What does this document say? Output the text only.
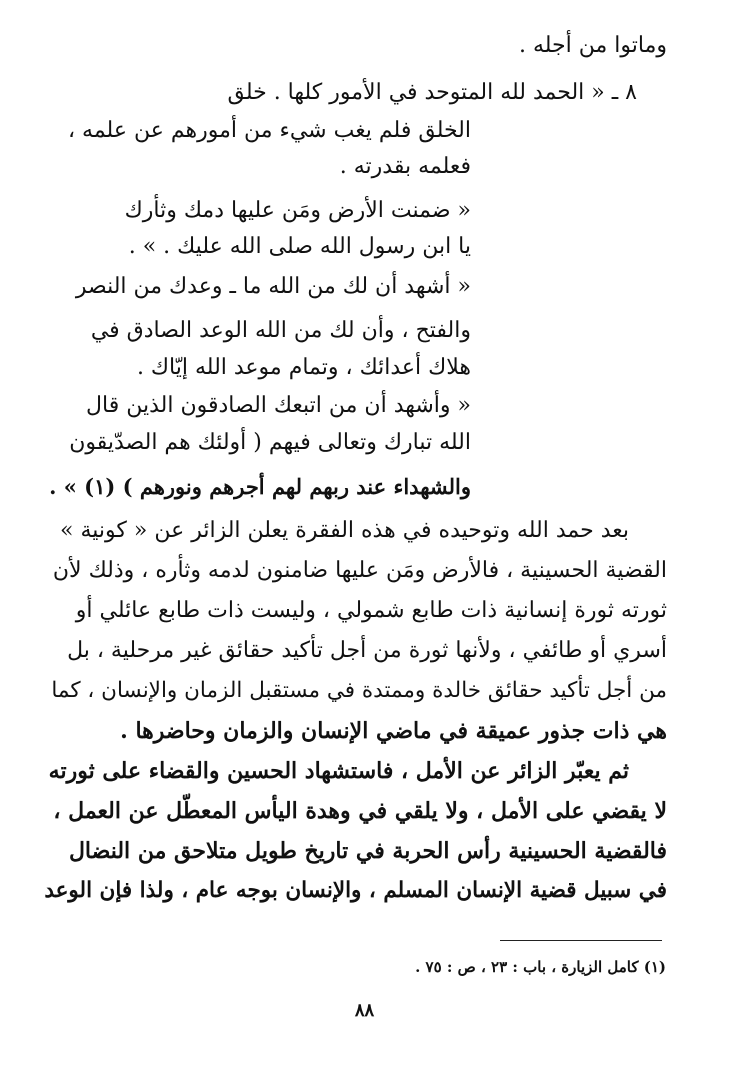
وماتوا من أجله .
٨ ـ « الحمد لله المتوحد في الأمور كلها . خلق
الخلق فلم يغب شيء من أمورهم عن علمه ،
فعلمه بقدرته .
« ضمنت الأرض ومَن عليها دمك وثأرك
يا ابن رسول الله صلى الله عليك . » .
« أشهد أن لك من الله ما ـ وعدك من النصر
والفتح ، وأن لك من الله الوعد الصادق في
هلاك أعدائك ، وتمام موعد الله إيّاك .
« وأشهد أن من اتبعك الصادقون الذين قال
الله تبارك وتعالى فيهم ( أولئك هم الصدّيقون
والشهداء عند ربهم لهم أجرهم ونورهم ) (١) » .
بعد حمد الله وتوحيده في هذه الفقرة يعلن الزائر عن « كونية »
القضية الحسينية ، فالأرض ومَن عليها ضامنون لدمه وثأره ، وذلك لأن
ثورته ثورة إنسانية ذات طابع شمولي ، وليست ذات طابع عائلي أو
أسري أو طائفي ، ولأنها ثورة من أجل تأكيد حقائق غير مرحلية ، بل
من أجل تأكيد حقائق خالدة وممتدة في مستقبل الزمان والإنسان ، كما
هي ذات جذور عميقة في ماضي الإنسان والزمان وحاضرها .
ثم يعبّر الزائر عن الأمل ، فاستشهاد الحسين والقضاء على ثورته
لا يقضي على الأمل ، ولا يلقي في وهدة اليأس المعطّل عن العمل ،
فالقضية الحسينية رأس الحربة في تاريخ طويل متلاحق من النضال
في سبيل قضية الإنسان المسلم ، والإنسان بوجه عام ، ولذا فإن الوعد
(١) كامل الزيارة ، باب : ٢٣ ، ص : ٧٥ .
٨٨
